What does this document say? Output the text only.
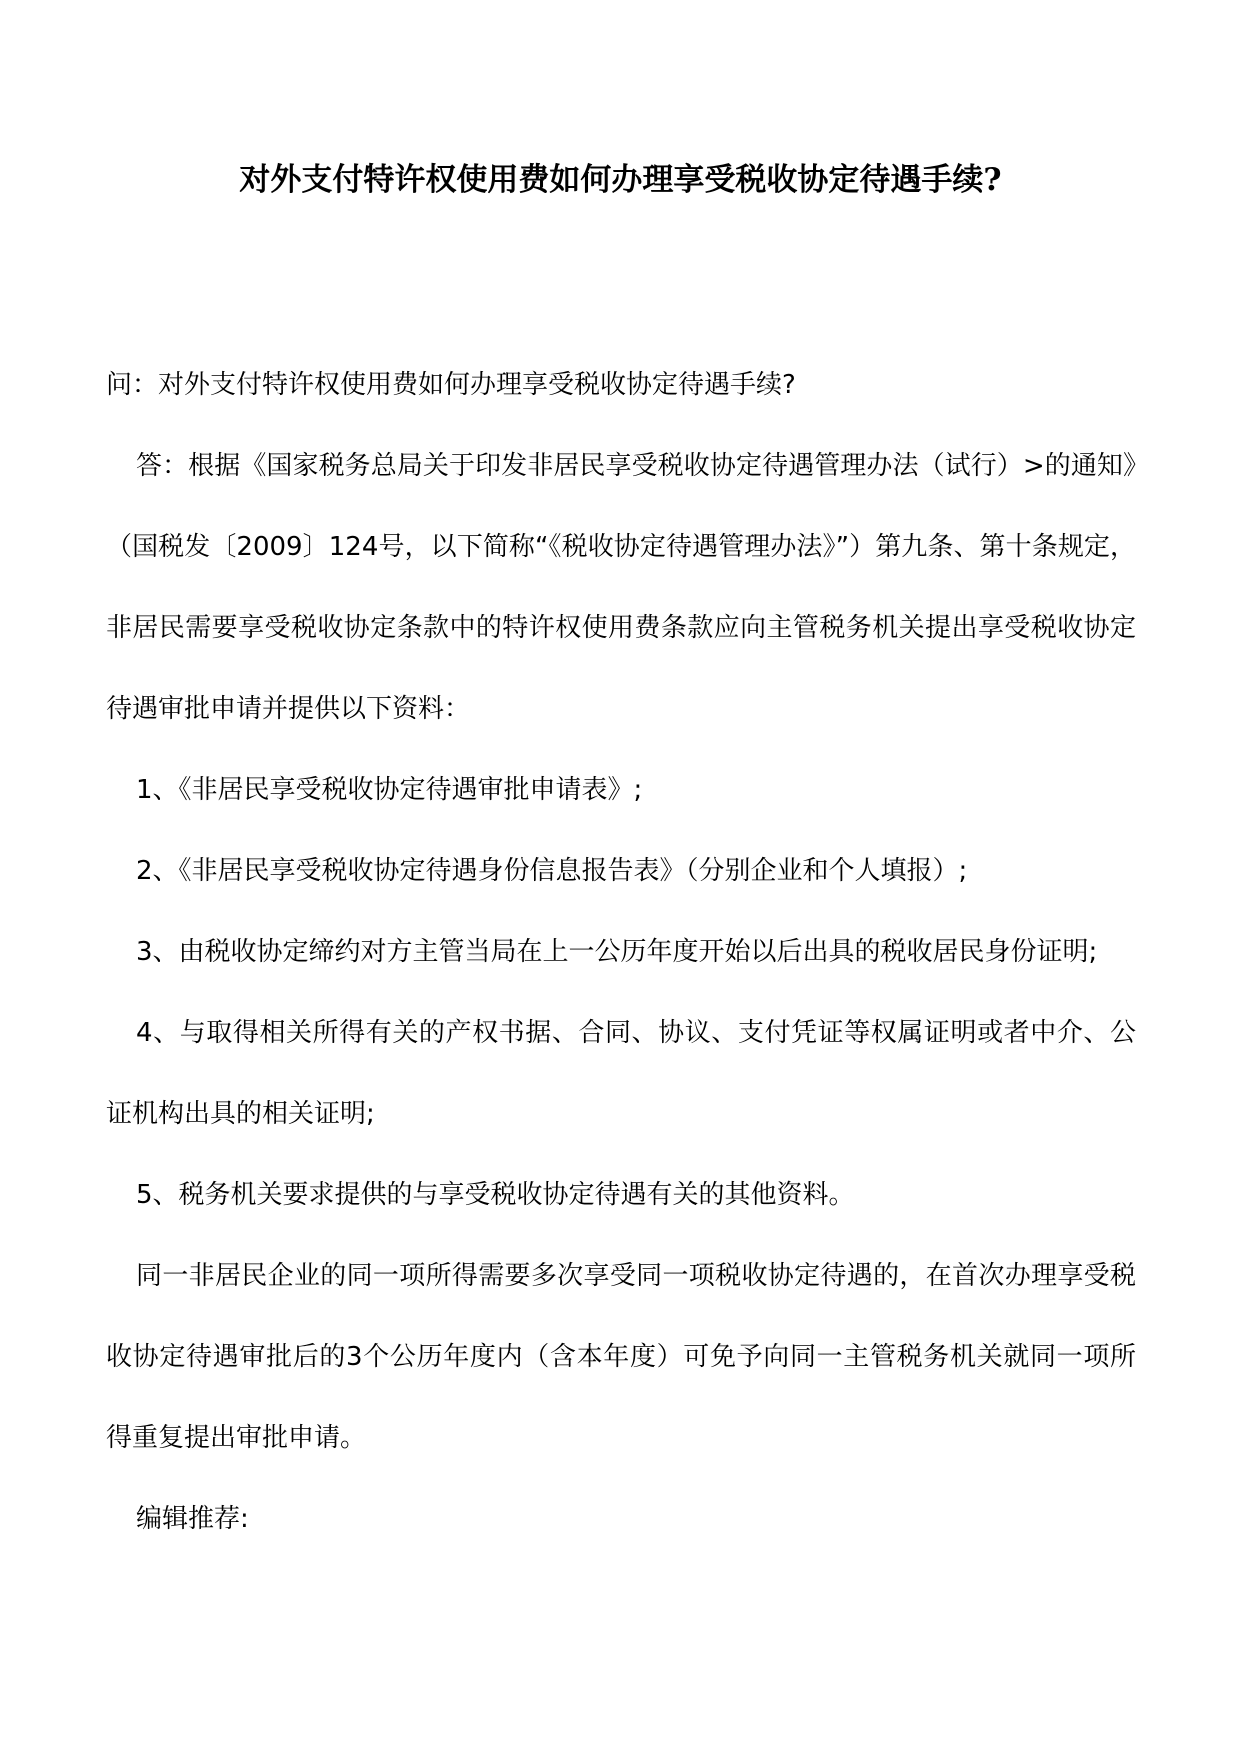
对外支付特许权使用费如何办理享受税收协定待遇手续?

问：对外支付特许权使用费如何办理享受税收协定待遇手续?

答：根据《国家税务总局关于印发非居民享受税收协定待遇管理办法（试行）>的通知》（国税发〔2009〕124号，以下简称“《税收协定待遇管理办法》”）第九条、第十条规定，非居民需要享受税收协定条款中的特许权使用费条款应向主管税务机关提出享受税收协定待遇审批申请并提供以下资料：

1、《非居民享受税收协定待遇审批申请表》;

2、《非居民享受税收协定待遇身份信息报告表》（分别企业和个人填报）;

3、由税收协定缔约对方主管当局在上一公历年度开始以后出具的税收居民身份证明;

4、与取得相关所得有关的产权书据、合同、协议、支付凭证等权属证明或者中介、公证机构出具的相关证明;

5、税务机关要求提供的与享受税收协定待遇有关的其他资料。

同一非居民企业的同一项所得需要多次享受同一项税收协定待遇的，在首次办理享受税收协定待遇审批后的3个公历年度内（含本年度）可免予向同一主管税务机关就同一项所得重复提出审批申请。

编辑推荐:
